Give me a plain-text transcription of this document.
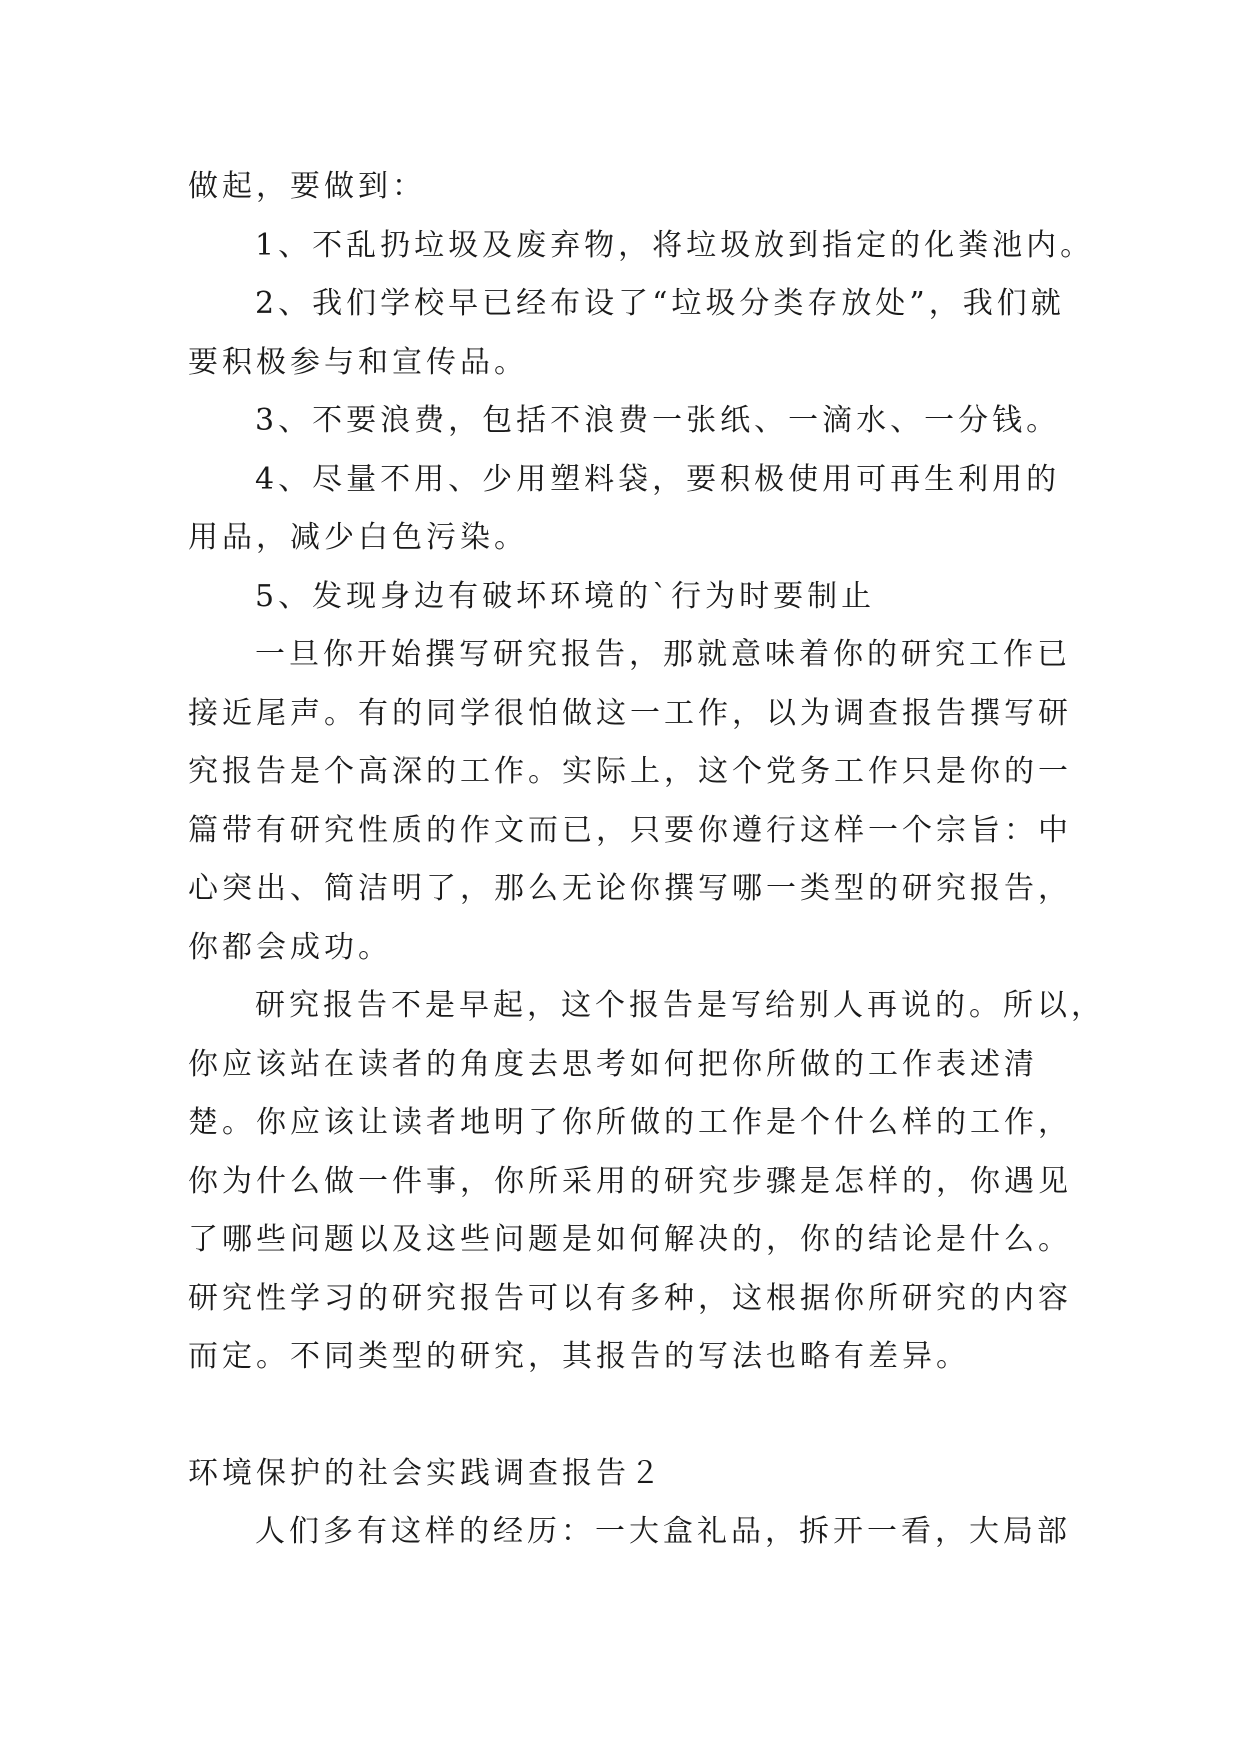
做起，要做到：
1、不乱扔垃圾及废弃物，将垃圾放到指定的化粪池内。
2、我们学校早已经布设了“垃圾分类存放处”，我们就
要积极参与和宣传品。
3、不要浪费，包括不浪费一张纸、一滴水、一分钱。
4、尽量不用、少用塑料袋，要积极使用可再生利用的
用品，减少白色污染。
5、发现身边有破坏环境的`行为时要制止
一旦你开始撰写研究报告，那就意味着你的研究工作已
接近尾声。有的同学很怕做这一工作，以为调查报告撰写研
究报告是个高深的工作。实际上，这个党务工作只是你的一
篇带有研究性质的作文而已，只要你遵行这样一个宗旨：中
心突出、简洁明了，那么无论你撰写哪一类型的研究报告，
你都会成功。
研究报告不是早起，这个报告是写给别人再说的。所以，
你应该站在读者的角度去思考如何把你所做的工作表述清
楚。你应该让读者地明了你所做的工作是个什么样的工作，
你为什么做一件事，你所采用的研究步骤是怎样的，你遇见
了哪些问题以及这些问题是如何解决的，你的结论是什么。
研究性学习的研究报告可以有多种，这根据你所研究的内容
而定。不同类型的研究，其报告的写法也略有差异。
环境保护的社会实践调查报告２
人们多有这样的经历：一大盒礼品，拆开一看，大局部
